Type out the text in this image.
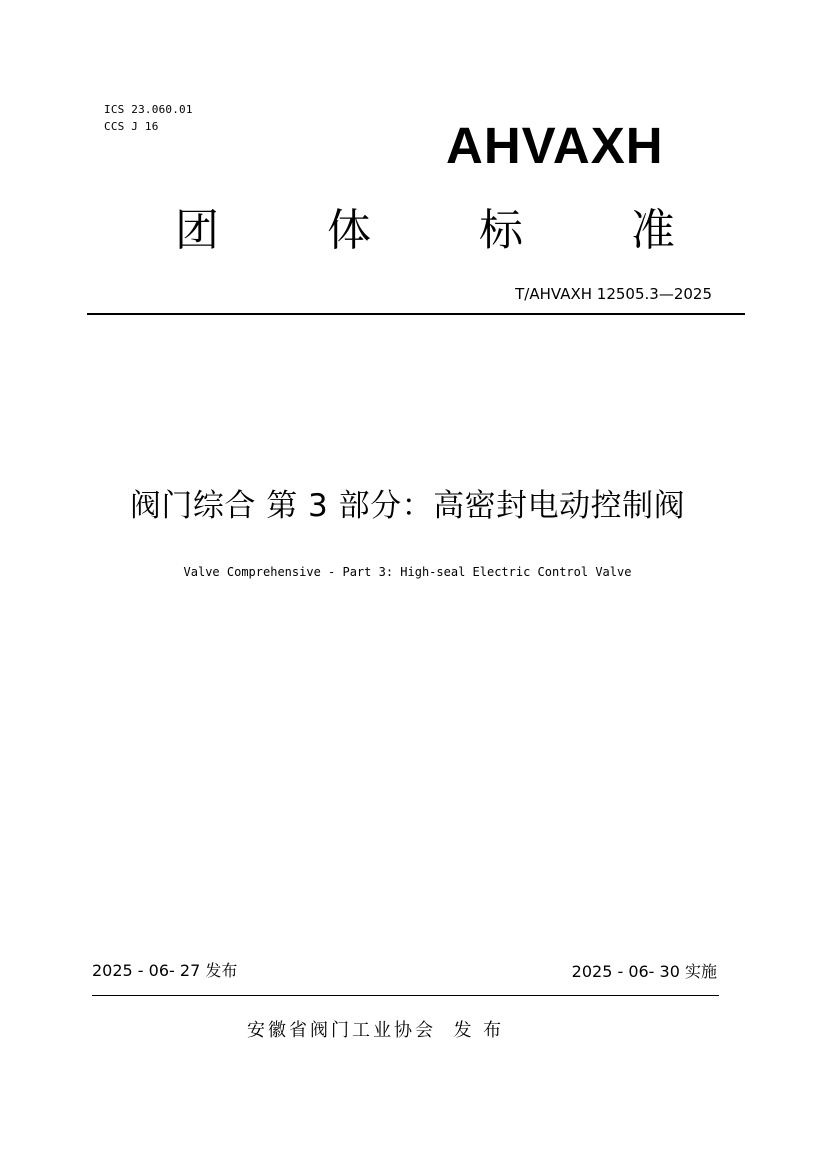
ICS 23.060.01
CCS J 16	AHVAXH
团 体 标 准
T/AHVAXH 12505.3—2025
阀门综合 第 3 部分：高密封电动控制阀
Valve Comprehensive - Part 3: High-seal Electric Control Valve
2025 - 06- 27 发布	2025 - 06- 30 实施
安徽省阀门工业协会  发 布
